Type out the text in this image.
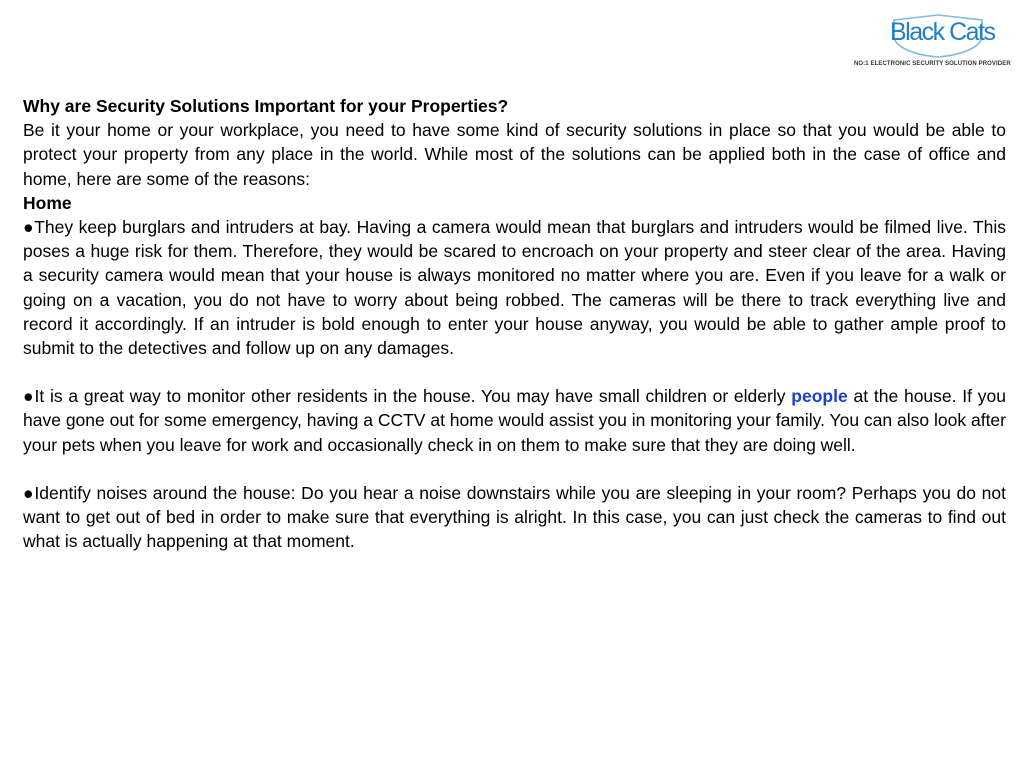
Black Cats
NO:1 ELECTRONIC SECURITY SOLUTION PROVIDER

Why are Security Solutions Important for your Properties?

Be it your home or your workplace, you need to have some kind of security solutions in place so that you would be able to protect your property from any place in the world. While most of the solutions can be applied both in the case of office and home, here are some of the reasons:

Home

●They keep burglars and intruders at bay. Having a camera would mean that burglars and intruders would be filmed live. This poses a huge risk for them. Therefore, they would be scared to encroach on your property and steer clear of the area. Having a security camera would mean that your house is always monitored no matter where you are. Even if you leave for a walk or going on a vacation, you do not have to worry about being robbed. The cameras will be there to track everything live and record it accordingly. If an intruder is bold enough to enter your house anyway, you would be able to gather ample proof to submit to the detectives and follow up on any damages.

●It is a great way to monitor other residents in the house. You may have small children or elderly people at the house. If you have gone out for some emergency, having a CCTV at home would assist you in monitoring your family. You can also look after your pets when you leave for work and occasionally check in on them to make sure that they are doing well.

●Identify noises around the house: Do you hear a noise downstairs while you are sleeping in your room? Perhaps you do not want to get out of bed in order to make sure that everything is alright. In this case, you can just check the cameras to find out what is actually happening at that moment.
